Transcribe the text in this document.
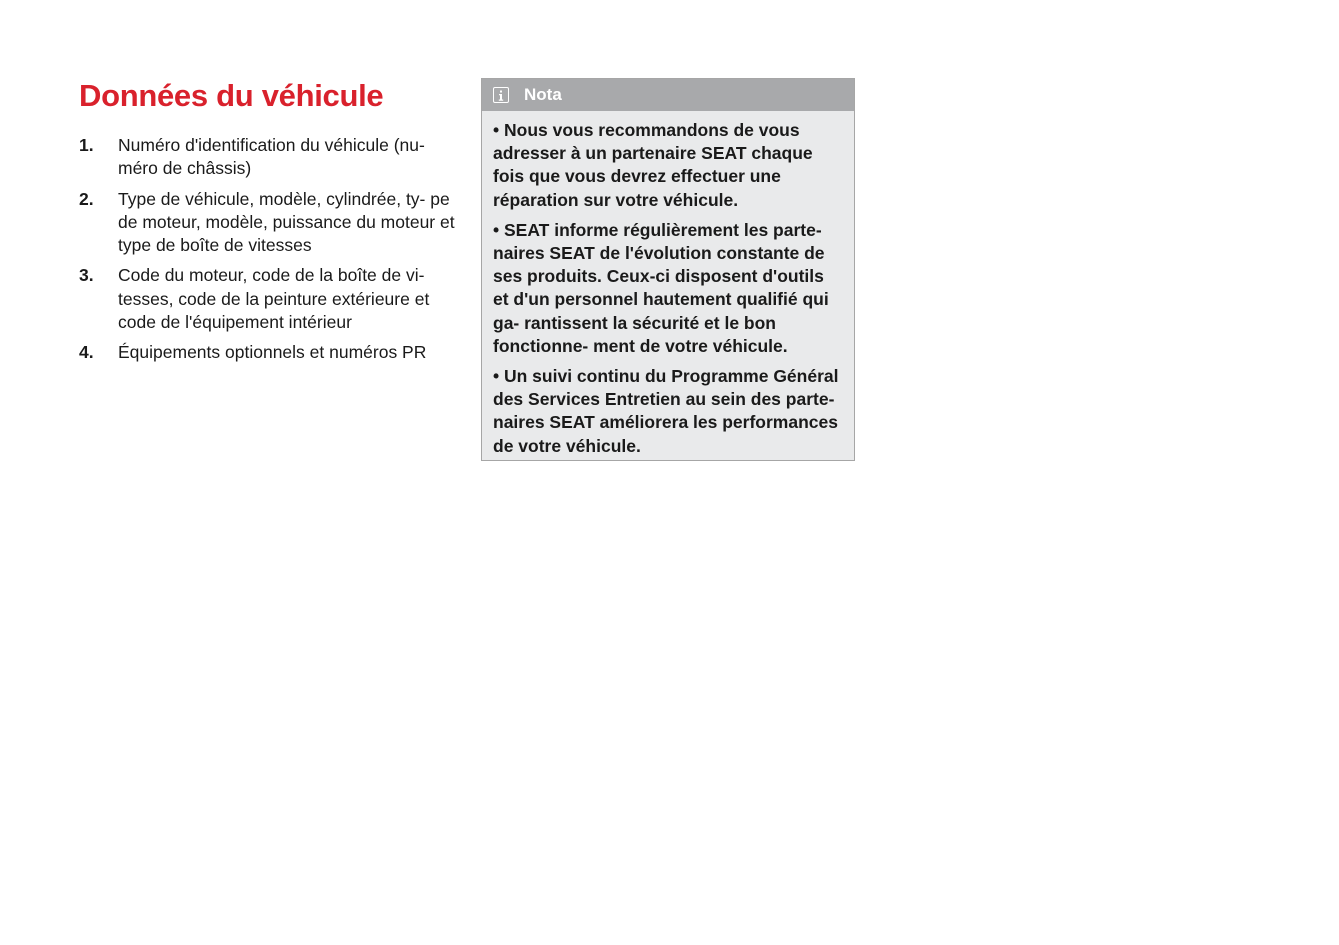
Données du véhicule
1.	Numéro d'identification du véhicule (nu- méro de châssis)
2.	Type de véhicule, modèle, cylindrée, ty- pe de moteur, modèle, puissance du moteur et type de boîte de vitesses
3.	Code du moteur, code de la boîte de vi- tesses, code de la peinture extérieure et code de l'équipement intérieur
4.	Équipements optionnels et numéros PR
Nota

• Nous vous recommandons de vous adresser à un partenaire SEAT chaque fois que vous devrez effectuer une réparation sur votre véhicule.

• SEAT informe régulièrement les parte- naires SEAT de l'évolution constante de ses produits. Ceux-ci disposent d'outils et d'un personnel hautement qualifié qui ga- rantissent la sécurité et le bon fonctionne- ment de votre véhicule.

• Un suivi continu du Programme Général des Services Entretien au sein des parte- naires SEAT améliorera les performances de votre véhicule.
